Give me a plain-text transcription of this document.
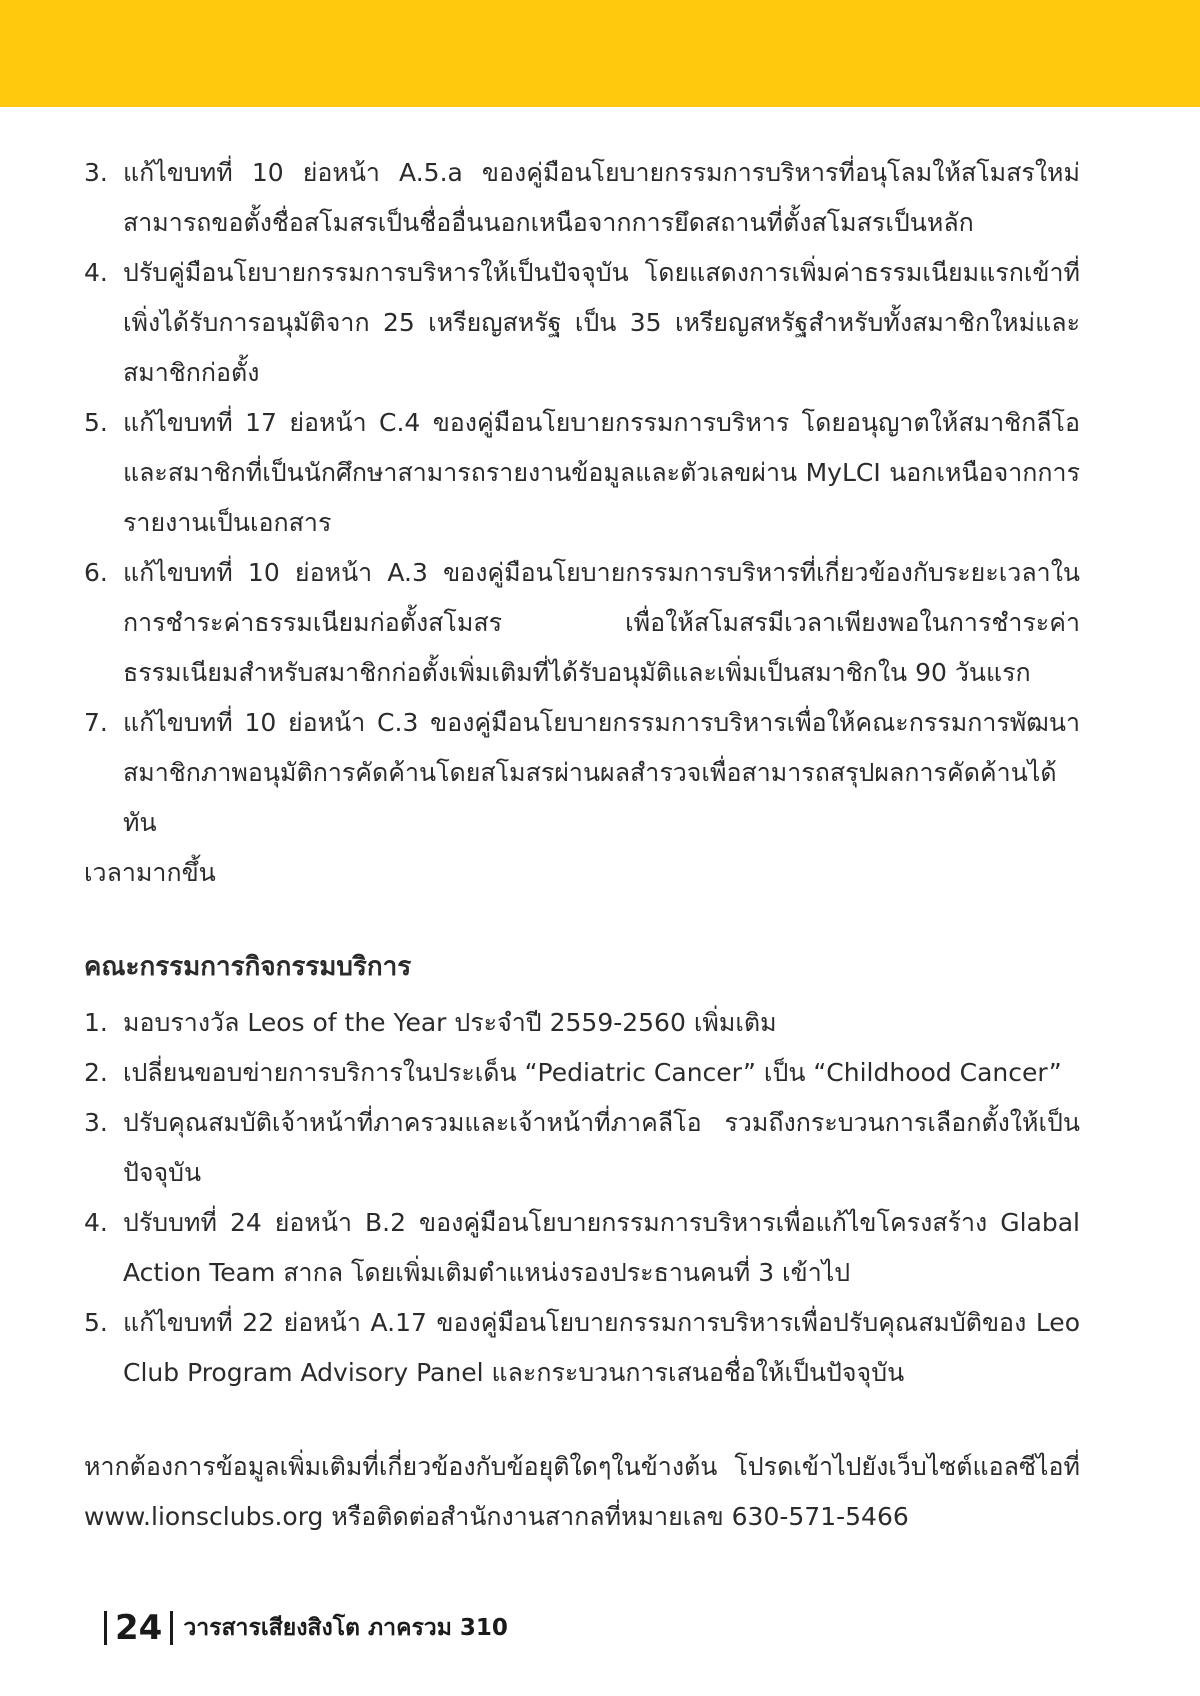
3. แก้ไขบทที่ 10 ย่อหน้า A.5.a ของคู่มือนโยบายกรรมการบริหารที่อนุโลมให้สโมสรใหม่สามารถขอตั้งชื่อสโมสรเป็นชื่ออื่นนอกเหนือจากการยึดสถานที่ตั้งสโมสรเป็นหลัก
4. ปรับคู่มือนโยบายกรรมการบริหารให้เป็นปัจจุบัน โดยแสดงการเพิ่มค่าธรรมเนียมแรกเข้าที่เพิ่งได้รับการอนุมัติจาก 25 เหรียญสหรัฐ เป็น 35 เหรียญสหรัฐสำหรับทั้งสมาชิกใหม่และสมาชิกก่อตั้ง
5. แก้ไขบทที่ 17 ย่อหน้า C.4 ของคู่มือนโยบายกรรมการบริหาร โดยอนุญาตให้สมาชิกลีโอและสมาชิกที่เป็นนักศึกษาสามารถรายงานข้อมูลและตัวเลขผ่าน MyLCI นอกเหนือจากการรายงานเป็นเอกสาร
6. แก้ไขบทที่ 10 ย่อหน้า A.3 ของคู่มือนโยบายกรรมการบริหารที่เกี่ยวข้องกับระยะเวลาในการชำระค่าธรรมเนียมก่อตั้งสโมสร เพื่อให้สโมสรมีเวลาเพียงพอในการชำระค่าธรรมเนียมสำหรับสมาชิกก่อตั้งเพิ่มเติมที่ได้รับอนุมัติและเพิ่มเป็นสมาชิกใน 90 วันแรก
7. แก้ไขบทที่ 10 ย่อหน้า C.3 ของคู่มือนโยบายกรรมการบริหารเพื่อให้คณะกรรมการพัฒนาสมาชิกภาพอนุมัติการคัดค้านโดยสโมสรผ่านผลสำรวจเพื่อสามารถสรุปผลการคัดค้านได้ทัน
เวลามากขึ้น
คณะกรรมการกิจกรรมบริการ
1. มอบรางวัล Leos of the Year ประจำปี 2559-2560 เพิ่มเติม
2. เปลี่ยนขอบข่ายการบริการในประเด็น “Pediatric Cancer” เป็น “Childhood Cancer”
3. ปรับคุณสมบัติเจ้าหน้าที่ภาครวมและเจ้าหน้าที่ภาคลีโอ รวมถึงกระบวนการเลือกตั้งให้เป็นปัจจุบัน
4. ปรับบทที่ 24 ย่อหน้า B.2 ของคู่มือนโยบายกรรมการบริหารเพื่อแก้ไขโครงสร้าง Glabal Action Team สากล โดยเพิ่มเติมตำแหน่งรองประธานคนที่ 3 เข้าไป
5. แก้ไขบทที่ 22 ย่อหน้า A.17 ของคู่มือนโยบายกรรมการบริหารเพื่อปรับคุณสมบัติของ Leo Club Program Advisory Panel และกระบวนการเสนอชื่อให้เป็นปัจจุบัน

หากต้องการข้อมูลเพิ่มเติมที่เกี่ยวข้องกับข้อยุติใดๆในข้างต้น โปรดเข้าไปยังเว็บไซต์แอลซีไอที่ www.lionsclubs.org หรือติดต่อสำนักงานสากลที่หมายเลข 630-571-5466

24 วารสารเสียงสิงโต ภาครวม 310
